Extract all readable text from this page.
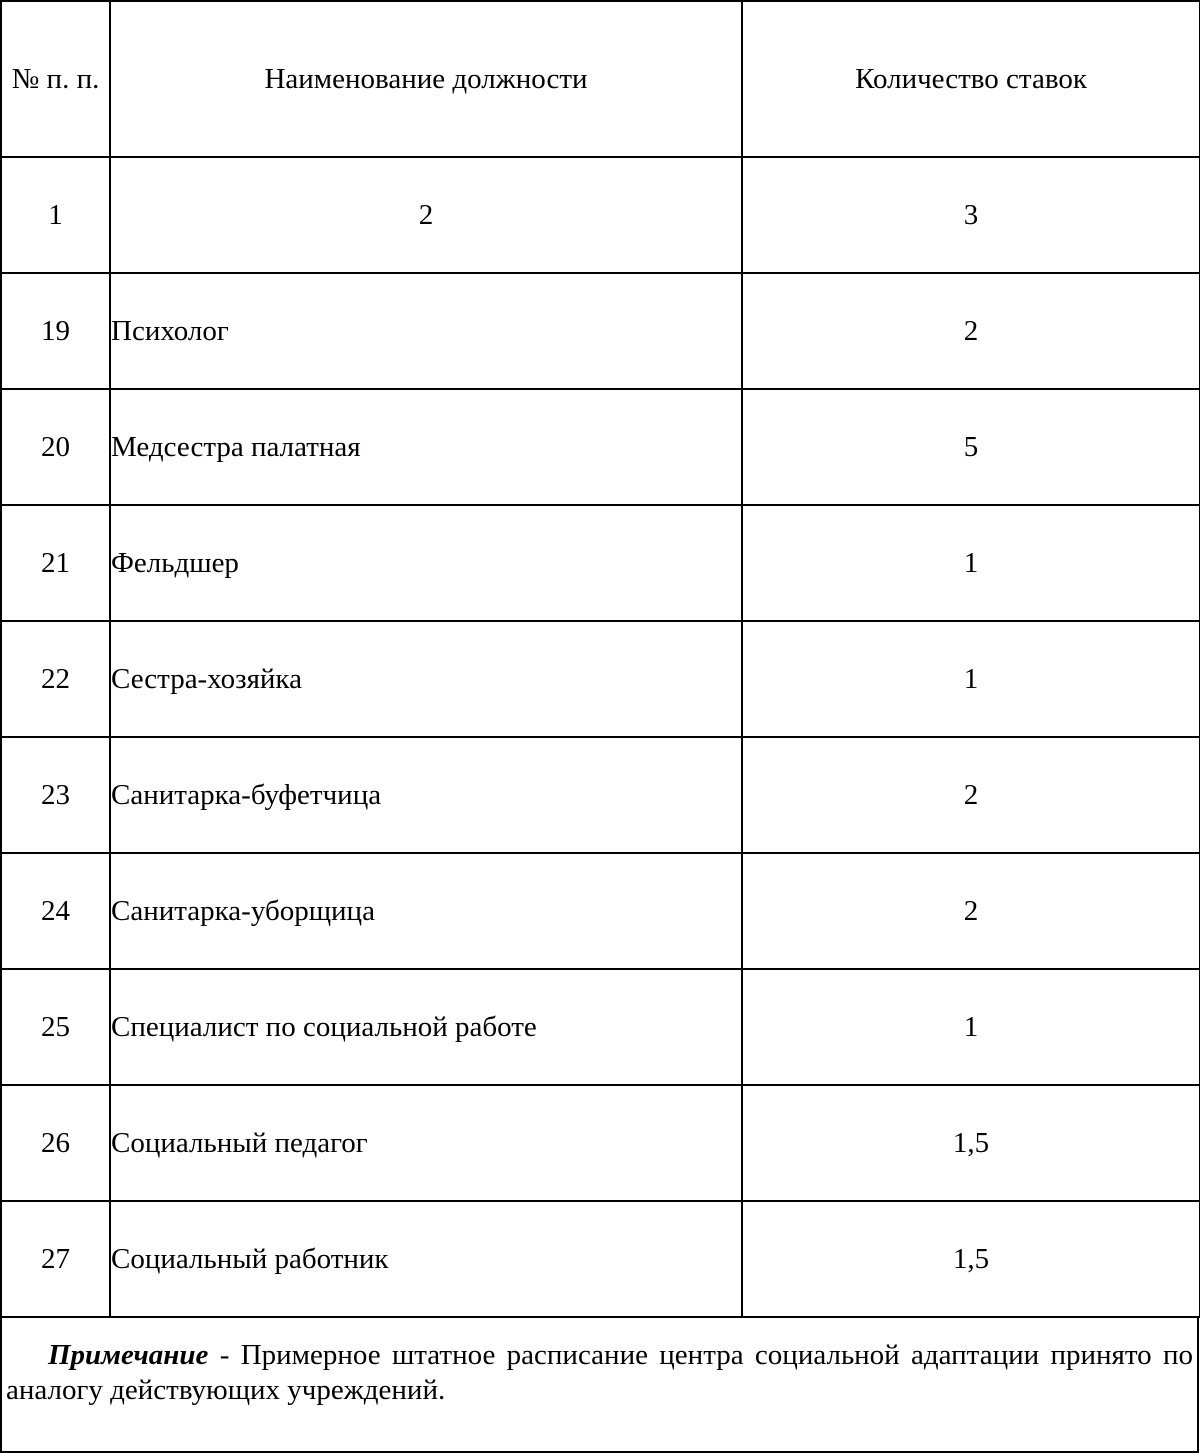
№ п. п.	Наименование должности	Количество ставок
1	2	3
19	Психолог	2
20	Медсестра палатная	5
21	Фельдшер	1
22	Сестра-хозяйка	1
23	Санитарка-буфетчица	2
24	Санитарка-уборщица	2
25	Специалист по социальной работе	1
26	Социальный педагог	1,5
27	Социальный работник	1,5
Примечание - Примерное штатное расписание центра социальной адаптации принято по аналогу действующих учреждений.
